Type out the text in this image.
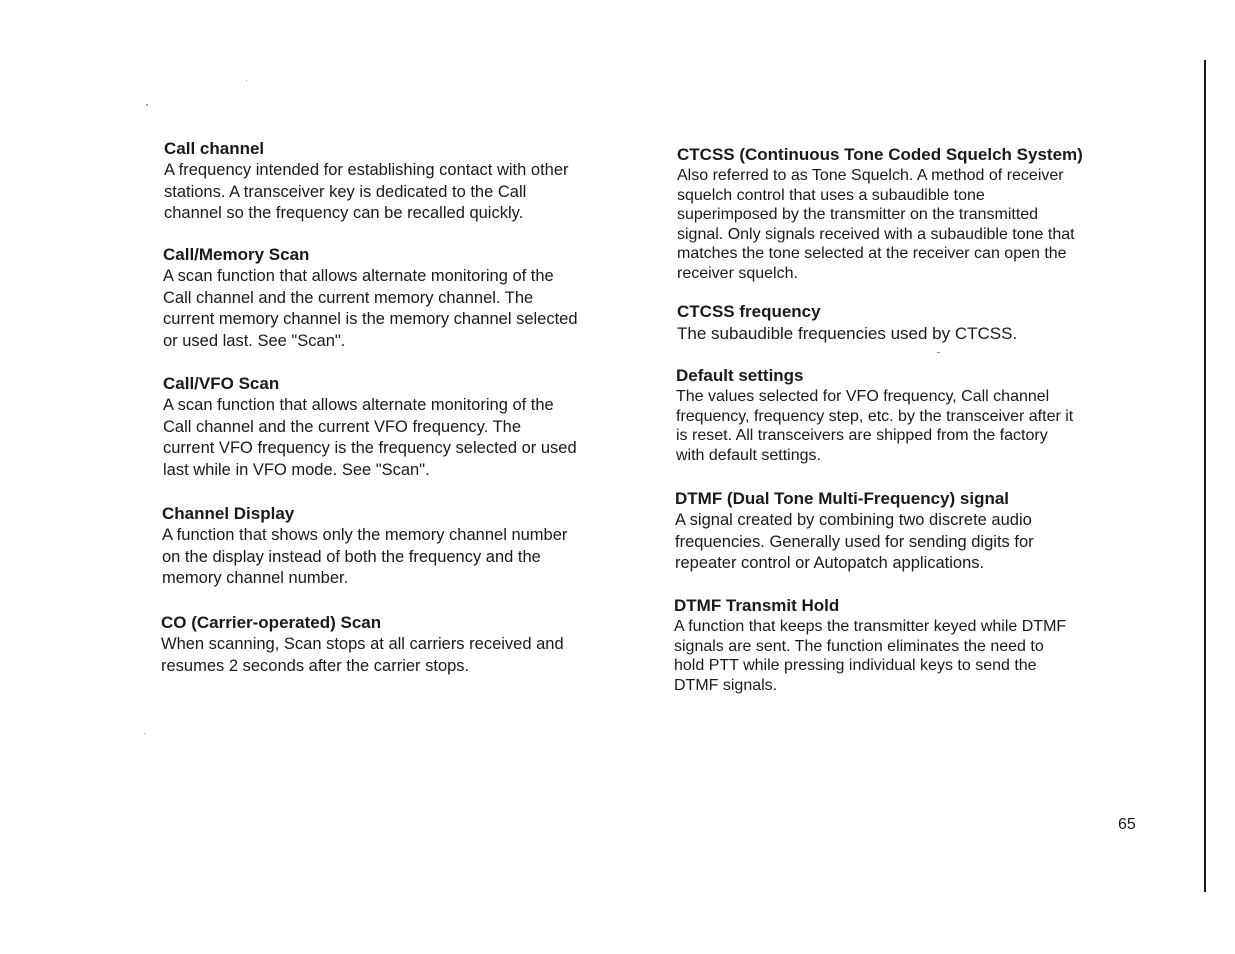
Call channel

A frequency intended for establishing contact with other
stations. A transceiver key is dedicated to the Call
channel so the frequency can be recalled quickly.

Call/Memory Scan

A scan function that allows alternate monitoring of the
Call channel and the current memory channel. The
current memory channel is the memory channel selected
or used last. See "Scan".

Call/VFO Scan

A scan function that allows alternate monitoring of the
Call channel and the current VFO frequency. The
current VFO frequency is the frequency selected or used
last while in VFO mode. See "Scan".

Channel Display

A function that shows only the memory channel number
on the display instead of both the frequency and the
memory channel number.

CO (Carrier-operated) Scan

When scanning, Scan stops at all carriers received and
resumes 2 seconds after the carrier stops.

CTCSS (Continuous Tone Coded Squelch System)

Also referred to as Tone Squelch. A method of receiver
squelch control that uses a subaudible tone
superimposed by the transmitter on the transmitted
signal. Only signals received with a subaudible tone that
matches the tone selected at the receiver can open the
receiver squelch.

CTCSS frequency

The subaudible frequencies used by CTCSS.

Default settings

The values selected for VFO frequency, Call channel
frequency, frequency step, etc. by the transceiver after it
is reset. All transceivers are shipped from the factory
with default settings.

DTMF (Dual Tone Multi-Frequency) signal

A signal created by combining two discrete audio
frequencies. Generally used for sending digits for
repeater control or Autopatch applications.

DTMF Transmit Hold

A function that keeps the transmitter keyed while DTMF
signals are sent. The function eliminates the need to
hold PTT while pressing individual keys to send the
DTMF signals.

65
